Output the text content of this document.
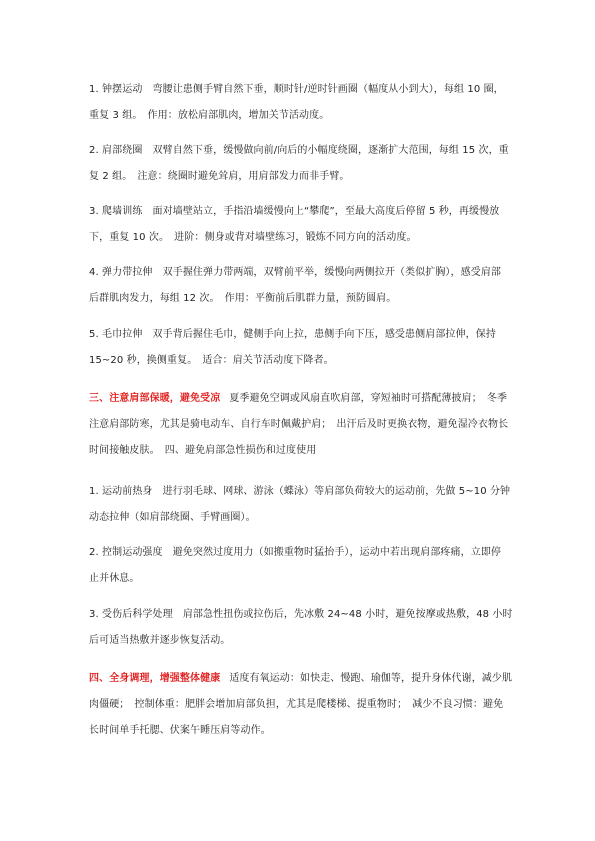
1. 钟摆运动　弯腰让患侧手臂自然下垂，顺时针/逆时针画圈（幅度从小到大），每组 10 圈，
重复 3 组。　作用：放松肩部肌肉，增加关节活动度。
2. 肩部绕圈　双臂自然下垂，缓慢做向前/向后的小幅度绕圈，逐渐扩大范围，每组 15 次，重
复 2 组。　注意：绕圈时避免耸肩，用肩部发力而非手臂。
3. 爬墙训练　面对墙壁站立，手指沿墙缓慢向上“攀爬”，至最大高度后停留 5 秒，再缓慢放
下，重复 10 次。　进阶：侧身或背对墙壁练习，锻炼不同方向的活动度。
4. 弹力带拉伸　双手握住弹力带两端，双臂前平举，缓慢向两侧拉开（类似扩胸），感受肩部
后群肌肉发力，每组 12 次。　作用：平衡前后肌群力量，预防圆肩。
5. 毛巾拉伸　双手背后握住毛巾，健侧手向上拉，患侧手向下压，感受患侧肩部拉伸，保持
15~20 秒，换侧重复。　适合：肩关节活动度下降者。
三、注意肩部保暖，避免受凉 夏季避免空调或风扇直吹肩部，穿短袖时可搭配薄披肩；　冬季
注意肩部防寒，尤其是骑电动车、自行车时佩戴护肩；　出汗后及时更换衣物，避免湿冷衣物长
时间接触皮肤。　四、避免肩部急性损伤和过度使用
1. 运动前热身　进行羽毛球、网球、游泳（蝶泳）等肩部负荷较大的运动前，先做 5~10 分钟
动态拉伸（如肩部绕圈、手臂画圈）。
2. 控制运动强度　避免突然过度用力（如搬重物时猛抬手），运动中若出现肩部疼痛，立即停
止并休息。
3. 受伤后科学处理　肩部急性扭伤或拉伤后，先冰敷 24~48 小时，避免按摩或热敷，48 小时
后可适当热敷并逐步恢复活动。
四、全身调理，增强整体健康 适度有氧运动：如快走、慢跑、瑜伽等，提升身体代谢，减少肌
肉僵硬；　控制体重：肥胖会增加肩部负担，尤其是爬楼梯、提重物时；　减少不良习惯：避免
长时间单手托腮、伏案午睡压肩等动作。
